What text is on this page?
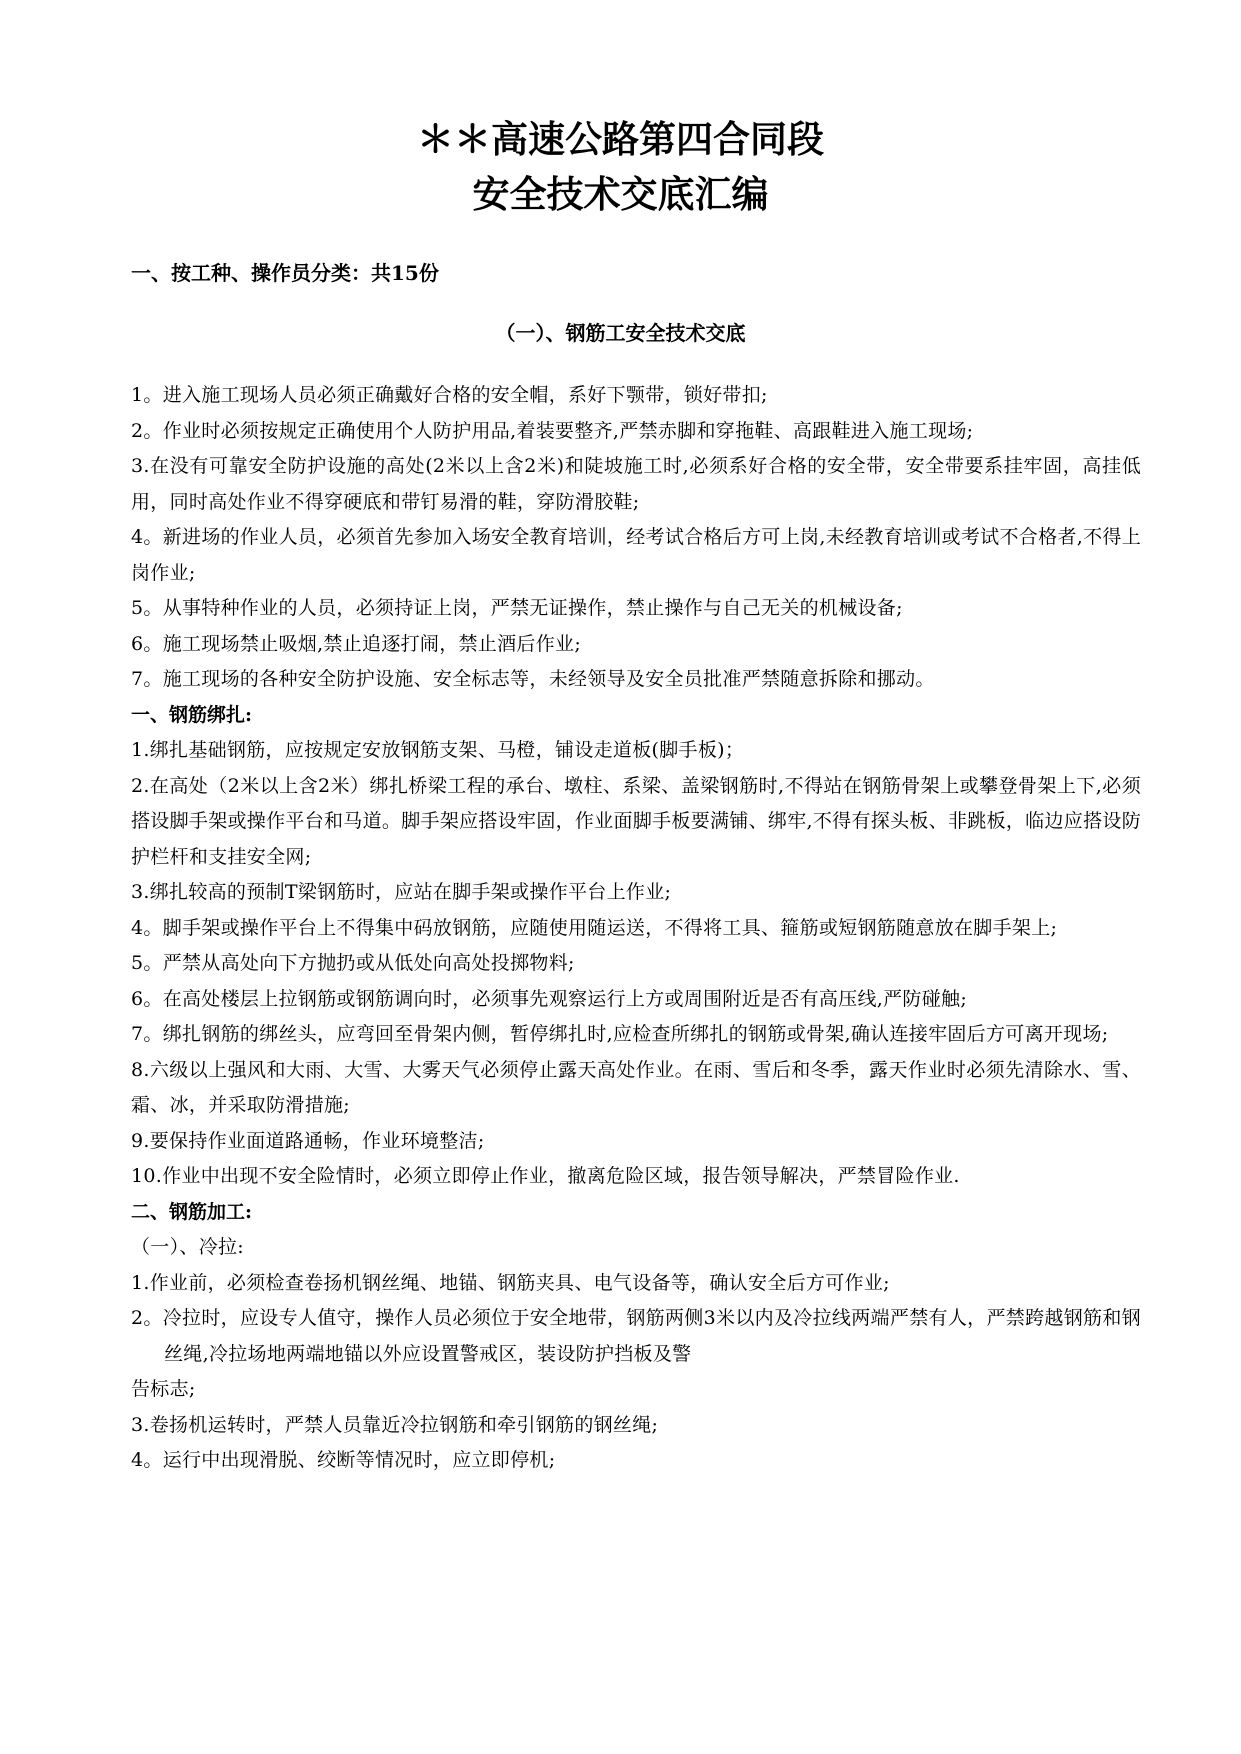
＊＊高速公路第四合同段
安全技术交底汇编
一、按工种、操作员分类：共15份
（一）、钢筋工安全技术交底

1。进入施工现场人员必须正确戴好合格的安全帽，系好下颚带，锁好带扣;

2。作业时必须按规定正确使用个人防护用品,着装要整齐,严禁赤脚和穿拖鞋、高跟鞋进入施工现场;

3.在没有可靠安全防护设施的高处(2米以上含2米)和陡坡施工时,必须系好合格的安全带，安全带要系挂牢固，高挂低用，同时高处作业不得穿硬底和带钉易滑的鞋，穿防滑胶鞋;

4。新进场的作业人员，必须首先参加入场安全教育培训，经考试合格后方可上岗,未经教育培训或考试不合格者,不得上岗作业;

5。从事特种作业的人员，必须持证上岗，严禁无证操作，禁止操作与自己无关的机械设备;

6。施工现场禁止吸烟,禁止追逐打闹，禁止酒后作业;

7。施工现场的各种安全防护设施、安全标志等，未经领导及安全员批准严禁随意拆除和挪动。

一、钢筋绑扎:

1.绑扎基础钢筋，应按规定安放钢筋支架、马橙，铺设走道板(脚手板)；

2.在高处（2米以上含2米）绑扎桥梁工程的承台、墩柱、系梁、盖梁钢筋时,不得站在钢筋骨架上或攀登骨架上下,必须搭设脚手架或操作平台和马道。脚手架应搭设牢固，作业面脚手板要满铺、绑牢,不得有探头板、非跳板，临边应搭设防护栏杆和支挂安全网;

3.绑扎较高的预制T梁钢筋时，应站在脚手架或操作平台上作业;

4。脚手架或操作平台上不得集中码放钢筋，应随使用随运送，不得将工具、箍筋或短钢筋随意放在脚手架上;

5。严禁从高处向下方抛扔或从低处向高处投掷物料;

6。在高处楼层上拉钢筋或钢筋调向时，必须事先观察运行上方或周围附近是否有高压线,严防碰触;

7。绑扎钢筋的绑丝头，应弯回至骨架内侧，暂停绑扎时,应检查所绑扎的钢筋或骨架,确认连接牢固后方可离开现场;

8.六级以上强风和大雨、大雪、大雾天气必须停止露天高处作业。在雨、雪后和冬季，露天作业时必须先清除水、雪、霜、冰，并采取防滑措施;

9.要保持作业面道路通畅，作业环境整洁;

10.作业中出现不安全险情时，必须立即停止作业，撤离危险区域，报告领导解决，严禁冒险作业.

二、钢筋加工:

（一）、冷拉:

1.作业前，必须检查卷扬机钢丝绳、地锚、钢筋夹具、电气设备等，确认安全后方可作业;

2。冷拉时，应设专人值守，操作人员必须位于安全地带，钢筋两侧3米以内及冷拉线两端严禁有人，严禁跨越钢筋和钢丝绳,冷拉场地两端地锚以外应设置警戒区，装设防护挡板及警

告标志;

3.卷扬机运转时，严禁人员靠近冷拉钢筋和牵引钢筋的钢丝绳;

4。运行中出现滑脱、绞断等情况时，应立即停机;
